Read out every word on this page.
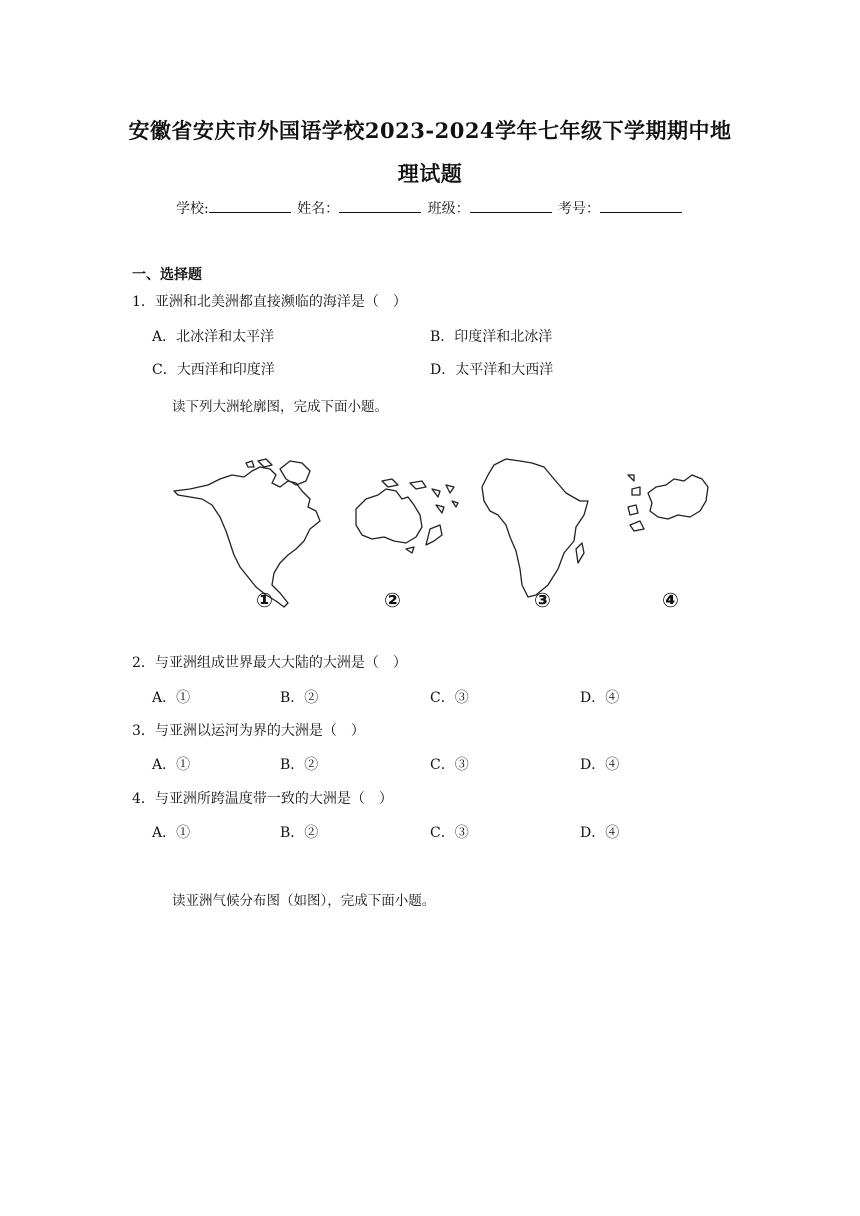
安徽省安庆市外国语学校2023-2024学年七年级下学期期中地
理试题
学校:	姓名：	班级：	考号：
一、选择题
1．亚洲和北美洲都直接濒临的海洋是（　）
A．北冰洋和太平洋	B．印度洋和北冰洋
C．大西洋和印度洋	D．太平洋和大西洋
读下列大洲轮廓图，完成下面小题。
①	②	③	④
2．与亚洲组成世界最大大陆的大洲是（　）
A．①	B．②	C．③	D．④
3．与亚洲以运河为界的大洲是（　）
A．①	B．②	C．③	D．④
4．与亚洲所跨温度带一致的大洲是（　）
A．①	B．②	C．③	D．④
读亚洲气候分布图（如图），完成下面小题。
